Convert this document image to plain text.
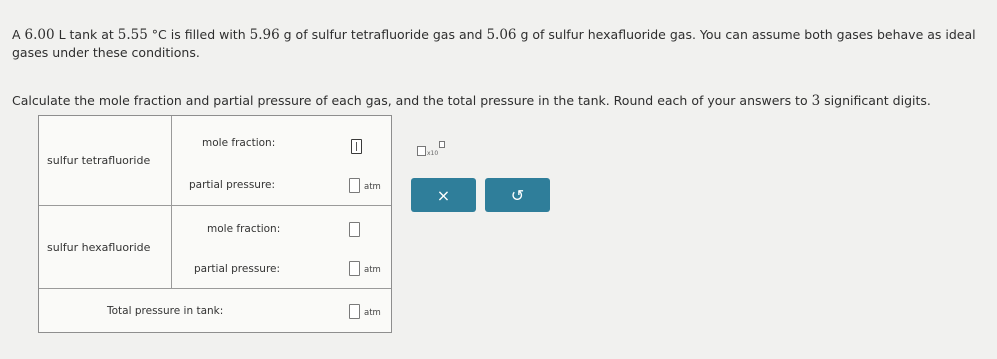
A 6.00 L tank at 5.55 °C is filled with 5.96 g of sulfur tetrafluoride gas and 5.06 g of sulfur hexafluoride gas. You can assume both gases behave as ideal gases under these conditions.
Calculate the mole fraction and partial pressure of each gas, and the total pressure in the tank. Round each of your answers to 3 significant digits.
sulfur tetrafluoride
mole fraction:
partial pressure:	atm
sulfur hexafluoride
mole fraction:
partial pressure:	atm
Total pressure in tank:	atm
x10
×	↺
